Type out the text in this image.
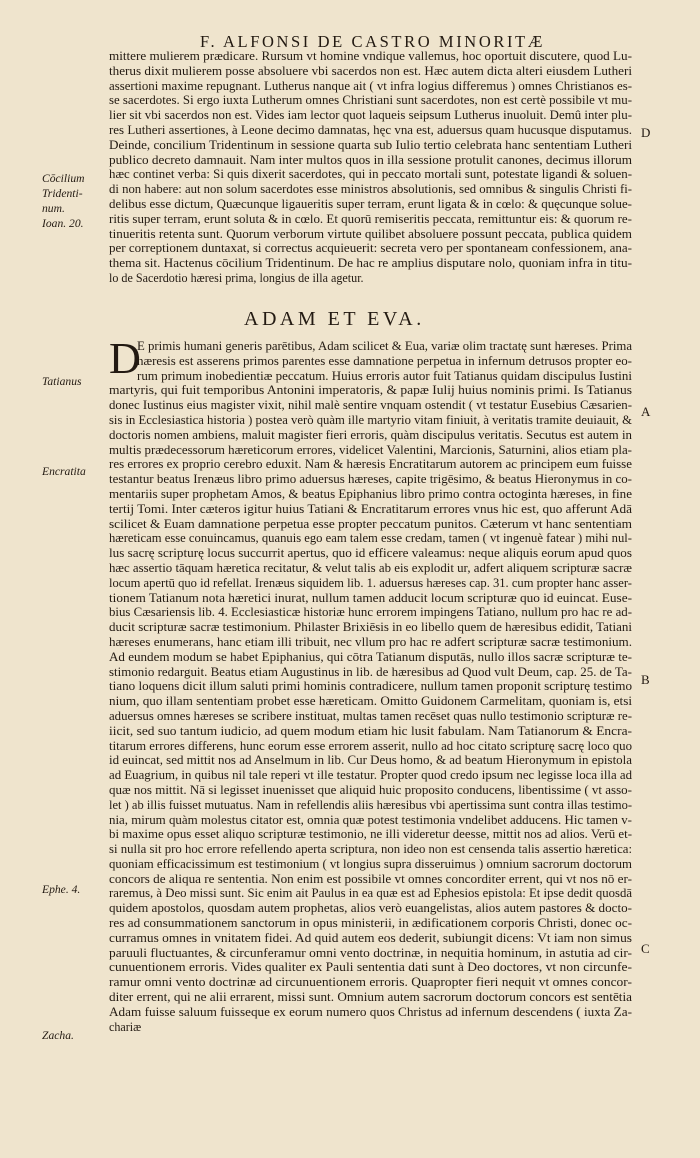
F. ALFONSI DE CASTRO MINORITÆ
mittere mulierem prædicare. Rursum vt homine vndique vallemus, hoc oportuit discutere, quod Lu-
therus dixit mulierem posse absoluere vbi sacerdos non est. Hæc autem dicta alteri eiusdem Lutheri
assertioni maxime repugnant. Lutherus nanque ait ( vt infra logius differemus ) omnes Christianos es-
se sacerdotes. Si ergo iuxta Lutherum omnes Christiani sunt sacerdotes, non est certè possibile vt mu-
lier sit vbi sacerdos non est. Vides iam lector quot laqueis seipsum Lutherus inuoluit. Demû inter plu-
res Lutheri assertiones, à Leone decimo damnatas, hęc vna est, aduersus quam hucusque disputamus.
Deinde, concilium Tridentinum in sessione quarta sub Iulio tertio celebrata hanc sententiam Lutheri
publico decreto damnauit. Nam inter multos quos in illa sessione protulit canones, decimus illorum
hæc continet verba: Si quis dixerit sacerdotes, qui in peccato mortali sunt, potestate ligandi & soluen-
di non habere: aut non solum sacerdotes esse ministros absolutionis, sed omnibus & singulis Christi fi-
delibus esse dictum, Quæcunque ligaueritis super terram, erunt ligata & in cœlo: & quęcunque solue-
ritis super terram, erunt soluta & in cœlo. Et quorū remiseritis peccata, remittuntur eis: & quorum re-
tinueritis retenta sunt. Quorum verborum virtute quilibet absoluere possunt peccata, publica quidem
per correptionem duntaxat, si correctus acquieuerit: secreta vero per spontaneam confessionem, ana-
thema sit. Hactenus cōcilium Tridentinum. De hac re amplius disputare nolo, quoniam infra in titu-
lo de Sacerdotio hæresi prima, longius de illa agetur.
ADAM ET EVA.
D
E primis humani generis parētibus, Adam scilicet & Eua, variæ olim tractatę sunt hæreses. Prima
hæresis est asserens primos parentes esse damnatione perpetua in infernum detrusos propter eo-
rum primum inobedientiæ peccatum. Huius erroris autor fuit Tatianus quidam discipulus Iustini
martyris, qui fuit temporibus Antonini imperatoris, & papæ Iulij huius nominis primi. Is Tatianus
donec Iustinus eius magister vixit, nihil malè sentire vnquam ostendit ( vt testatur Eusebius Cæsarien-
sis in Ecclesiastica historia ) postea verò quàm ille martyrio vitam finiuit, à veritatis tramite deuiauit, &
doctoris nomen ambiens, maluit magister fieri erroris, quàm discipulus veritatis. Secutus est autem in
multis prædecessorum hæreticorum errores, videlicet Valentini, Marcionis, Saturnini, alios etiam pla-
res errores ex proprio cerebro eduxit. Nam & hæresis Encratitarum autorem ac principem eum fuisse
testantur beatus Irenæus libro primo aduersus hæreses, capite trigēsimo, & beatus Hieronymus in co-
mentariis super prophetam Amos, & beatus Epiphanius libro primo contra octoginta hæreses, in fine
tertij Tomi. Inter cæteros igitur huius Tatiani & Encratitarum errores vnus hic est, quo afferunt Adā
scilicet & Euam damnatione perpetua esse propter peccatum punitos. Cæterum vt hanc sententiam
hæreticam esse conuincamus, quanuis ego eam talem esse credam, tamen ( vt ingenuè fatear ) mihi nul-
lus sacrę scripturę locus succurrit apertus, quo id efficere valeamus: neque aliquis eorum apud quos
hæc assertio tāquam hæretica recitatur, & velut talis ab eis explodit ur, adfert aliquem scripturæ sacræ
locum apertū quo id refellat. Irenæus siquidem lib. 1. aduersus hæreses cap. 31. cum propter hanc asser-
tionem Tatianum nota hæretici inurat, nullum tamen adducit locum scripturæ quo id euincat. Euse-
bius Cæsariensis lib. 4. Ecclesiasticæ historiæ hunc errorem impingens Tatiano, nullum pro hac re ad-
ducit scripturæ sacræ testimonium. Philaster Brixiēsis in eo libello quem de hæresibus edidit, Tatiani
hæreses enumerans, hanc etiam illi tribuit, nec vllum pro hac re adfert scripturæ sacræ testimonium.
Ad eundem modum se habet Epiphanius, qui cōtra Tatianum disputās, nullo illos sacræ scripturæ te-
stimonio redarguit. Beatus etiam Augustinus in lib. de hæresibus ad Quod vult Deum, cap. 25. de Ta-
tiano loquens dicit illum saluti primi hominis contradicere, nullum tamen proponit scripturę testimo
nium, quo illam sententiam probet esse hæreticam. Omitto Guidonem Carmelitam, quoniam is, etsi
aduersus omnes hæreses se scribere instituat, multas tamen recēset quas nullo testimonio scripturæ re-
iicit, sed suo tantum iudicio, ad quem modum etiam hic lusit fabulam. Nam Tatianorum & Encra-
titarum errores differens, hunc eorum esse errorem asserit, nullo ad hoc citato scripturę sacrę loco quo
id euincat, sed mittit nos ad Anselmum in lib. Cur Deus homo, & ad beatum Hieronymum in epistola
ad Euagrium, in quibus nil tale reperi vt ille testatur. Propter quod credo ipsum nec legisse loca illa ad
quæ nos mittit. Nā si legisset inuenisset que aliquid huic proposito conducens, libentissime ( vt asso-
let ) ab illis fuisset mutuatus. Nam in refellendis aliis hæresibus vbi apertissima sunt contra illas testimo-
nia, mirum quàm molestus citator est, omnia quæ potest testimonia vndelibet adducens. Hic tamen v-
bi maxime opus esset aliquo scripturæ testimonio, ne illi videretur deesse, mittit nos ad alios. Verū et-
si nulla sit pro hoc errore refellendo aperta scriptura, non ideo non est censenda talis assertio hæretica:
quoniam efficacissimum est testimonium ( vt longius supra disseruimus ) omnium sacrorum doctorum
concors de aliqua re sententia. Non enim est possibile vt omnes concorditer errent, qui vt nos nō er-
raremus, à Deo missi sunt. Sic enim ait Paulus in ea quæ est ad Ephesios epistola: Et ipse dedit quosdā
quidem apostolos, quosdam autem prophetas, alios verò euangelistas, alios autem pastores & docto-
res ad consummationem sanctorum in opus ministerii, in ædificationem corporis Christi, donec oc-
curramus omnes in vnitatem fidei. Ad quid autem eos dederit, subiungit dicens: Vt iam non simus
paruuli fluctuantes, & circunferamur omni vento doctrinæ, in nequitia hominum, in astutia ad cir-
cunuentionem erroris. Vides qualiter ex Pauli sententia dati sunt à Deo doctores, vt non circunfe-
ramur omni vento doctrinæ ad circunuentionem erroris. Quapropter fieri nequit vt omnes concor-
diter errent, qui ne alii errarent, missi sunt. Omnium autem sacrorum doctorum concors est sentētia
Adam fuisse saluum fuisseque ex eorum numero quos Christus ad infernum descendens ( iuxta Za-
chariæ
Cōcilium
Tridenti-
num.
Ioan. 20.
Tatianus
Encratita
Ephe. 4.
Zacha.
D
A
B
C
